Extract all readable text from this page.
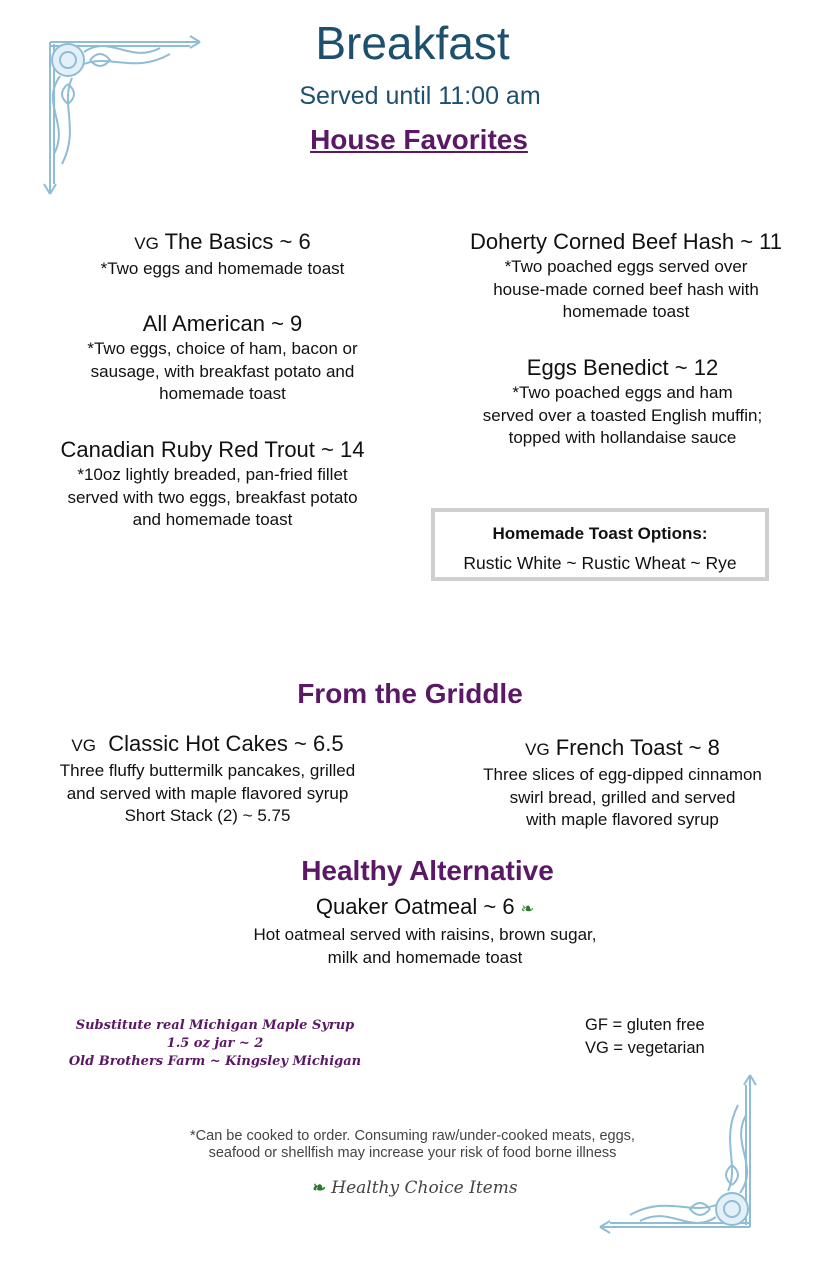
Breakfast
Served until 11:00 am
House Favorites
VG The Basics ~ 6
*Two eggs and homemade toast
All American ~ 9
*Two eggs, choice of ham, bacon or
sausage, with breakfast potato and
homemade toast
Canadian Ruby Red Trout ~ 14
*10oz lightly breaded, pan-fried fillet
served with two eggs, breakfast potato
and homemade toast
Doherty Corned Beef Hash ~ 11
*Two poached eggs served over
house-made corned beef hash with
homemade toast
Eggs Benedict ~ 12
*Two poached eggs and ham
served over a toasted English muffin;
topped with hollandaise sauce
Homemade Toast Options:
Rustic White ~ Rustic Wheat ~ Rye
From the Griddle
VG Classic Hot Cakes ~ 6.5
Three fluffy buttermilk pancakes, grilled
and served with maple flavored syrup
Short Stack (2) ~ 5.75
VG French Toast ~ 8
Three slices of egg-dipped cinnamon
swirl bread, grilled and served
with maple flavored syrup
Healthy Alternative
Quaker Oatmeal ~ 6 ❧
Hot oatmeal served with raisins, brown sugar,
milk and homemade toast
Substitute real Michigan Maple Syrup
1.5 oz jar ~ 2
Old Brothers Farm ~ Kingsley Michigan
GF = gluten free
VG = vegetarian
*Can be cooked to order. Consuming raw/under-cooked meats, eggs,
seafood or shellfish may increase your risk of food borne illness
❧ Healthy Choice Items
